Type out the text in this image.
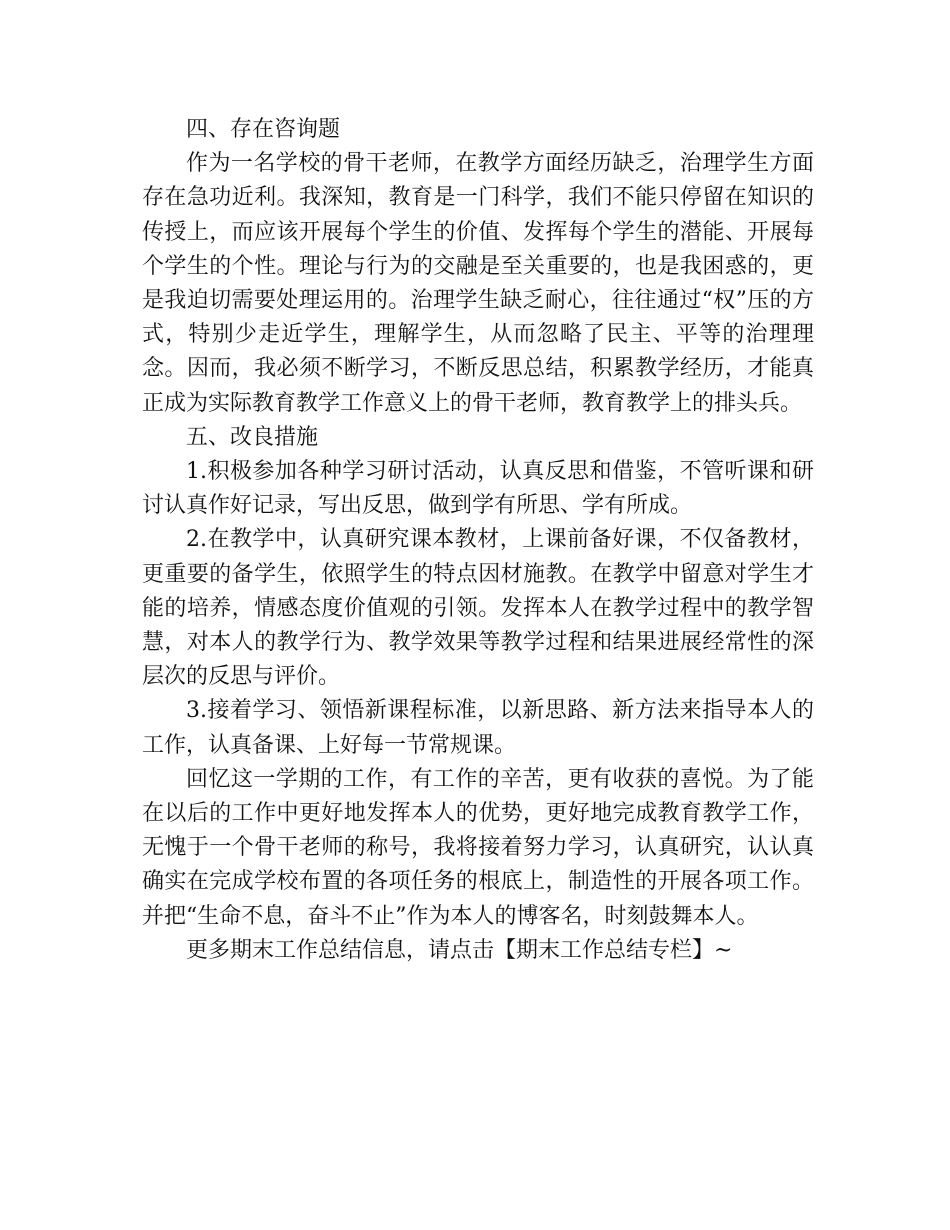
四、存在咨询题

作为一名学校的骨干老师，在教学方面经历缺乏，治理学生方面存在急功近利。我深知，教育是一门科学，我们不能只停留在知识的传授上，而应该开展每个学生的价值、发挥每个学生的潜能、开展每个学生的个性。理论与行为的交融是至关重要的，也是我困惑的，更是我迫切需要处理运用的。治理学生缺乏耐心，往往通过“权”压的方式，特别少走近学生，理解学生，从而忽略了民主、平等的治理理念。因而，我必须不断学习，不断反思总结，积累教学经历，才能真正成为实际教育教学工作意义上的骨干老师，教育教学上的排头兵。

五、改良措施

1.积极参加各种学习研讨活动，认真反思和借鉴，不管听课和研讨认真作好记录，写出反思，做到学有所思、学有所成。

2.在教学中，认真研究课本教材，上课前备好课，不仅备教材，更重要的备学生，依照学生的特点因材施教。在教学中留意对学生才能的培养，情感态度价值观的引领。发挥本人在教学过程中的教学智慧，对本人的教学行为、教学效果等教学过程和结果进展经常性的深层次的反思与评价。

3.接着学习、领悟新课程标准，以新思路、新方法来指导本人的工作，认真备课、上好每一节常规课。

回忆这一学期的工作，有工作的辛苦，更有收获的喜悦。为了能在以后的工作中更好地发挥本人的优势，更好地完成教育教学工作，无愧于一个骨干老师的称号，我将接着努力学习，认真研究，认认真确实在完成学校布置的各项任务的根底上，制造性的开展各项工作。并把“生命不息，奋斗不止”作为本人的博客名，时刻鼓舞本人。

更多期末工作总结信息，请点击【期末工作总结专栏】~
